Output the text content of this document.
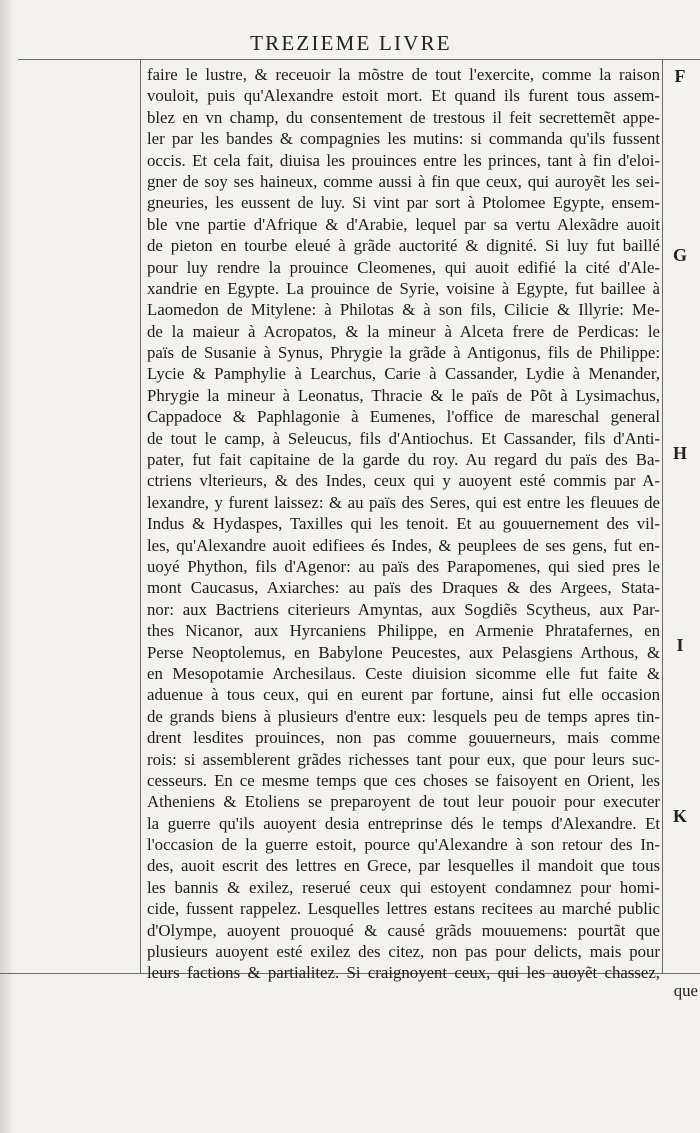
TREZIEME LIVRE
faire le lustre, & receuoir la mõstre de tout l'exercite, comme la raison
vouloit, puis qu'Alexandre estoit mort. Et quand ils furent tous assem-
blez en vn champ, du consentement de trestous il feit secrettemẽt appe-
ler par les bandes & compagnies les mutins: si commanda qu'ils fussent
occis. Et cela fait, diuisa les prouinces entre les princes, tant à fin d'eloi-
gner de soy ses haineux, comme aussi à fin que ceux, qui auroyẽt les sei-
gneuries, les eussent de luy. Si vint par sort à Ptolomee Egypte, ensem-
ble vne partie d'Afrique & d'Arabie, lequel par sa vertu Alexãdre auoit
de pieton en tourbe eleué à grãde auctorité & dignité. Si luy fut baillé
pour luy rendre la prouince Cleomenes, qui auoit edifié la cité d'Ale-
xandrie en Egypte. La prouince de Syrie, voisine à Egypte, fut baillee à
Laomedon de Mitylene: à Philotas & à son fils, Cilicie & Illyrie: Me-
de la maieur à Acropatos, & la mineur à Alceta frere de Perdicas: le
païs de Susanie à Synus, Phrygie la grãde à Antigonus, fils de Philippe:
Lycie & Pamphylie à Learchus, Carie à Cassander, Lydie à Menander,
Phrygie la mineur à Leonatus, Thracie & le païs de Põt à Lysimachus,
Cappadoce & Paphlagonie à Eumenes, l'office de mareschal general
de tout le camp, à Seleucus, fils d'Antiochus. Et Cassander, fils d'Anti-
pater, fut fait capitaine de la garde du roy. Au regard du païs des Ba-
ctriens vlterieurs, & des Indes, ceux qui y auoyent esté commis par A-
lexandre, y furent laissez: & au païs des Seres, qui est entre les fleuues de
Indus & Hydaspes, Taxilles qui les tenoit. Et au gouuernement des vil-
les, qu'Alexandre auoit edifiees és Indes, & peuplees de ses gens, fut en-
uoyé Phython, fils d'Agenor: au païs des Parapomenes, qui sied pres le
mont Caucasus, Axiarches: au païs des Draques & des Argees, Stata-
nor: aux Bactriens citerieurs Amyntas, aux Sogdiẽs Scytheus, aux Par-
thes Nicanor, aux Hyrcaniens Philippe, en Armenie Phratafernes, en
Perse Neoptolemus, en Babylone Peucestes, aux Pelasgiens Arthous, &
en Mesopotamie Archesilaus. Ceste diuision sicomme elle fut faite &
aduenue à tous ceux, qui en eurent par fortune, ainsi fut elle occasion
de grands biens à plusieurs d'entre eux: lesquels peu de temps apres tin-
drent lesdites prouinces, non pas comme gouuerneurs, mais comme
rois: si assemblerent grãdes richesses tant pour eux, que pour leurs suc-
cesseurs. En ce mesme temps que ces choses se faisoyent en Orient, les
Atheniens & Etoliens se preparoyent de tout leur pouoir pour executer
la guerre qu'ils auoyent desia entreprinse dés le temps d'Alexandre. Et
l'occasion de la guerre estoit, pource qu'Alexandre à son retour des In-
des, auoit escrit des lettres en Grece, par lesquelles il mandoit que tous
les bannis & exilez, reserué ceux qui estoyent condamnez pour homi-
cide, fussent rappelez. Lesquelles lettres estans recitees au marché public
d'Olympe, auoyent prouoqué & causé grãds mouuemens: pourtãt que
plusieurs auoyent esté exilez des citez, non pas pour delicts, mais pour
leurs factions & partialitez. Si craignoyent ceux, qui les auoyẽt chassez,
F
G
H
I
K
que
